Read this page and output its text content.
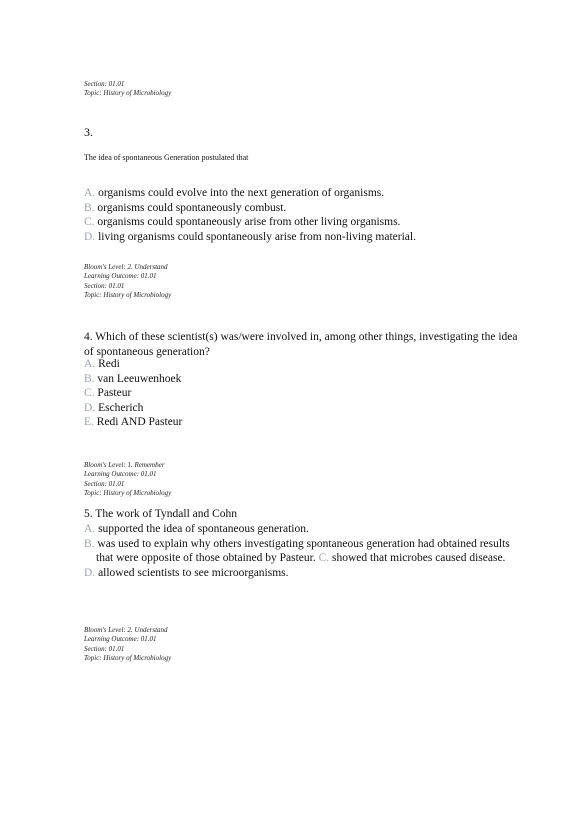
Section: 01.01
Topic: History of Microbiology
3.
The idea of spontaneous Generation postulated that
A. organisms could evolve into the next generation of organisms.
B. organisms could spontaneously combust.
C. organisms could spontaneously arise from other living organisms.
D. living organisms could spontaneously arise from non-living material.
Bloom's Level: 2. Understand
Learning Outcome: 01.01
Section: 01.01
Topic: History of Microbiology
4. Which of these scientist(s) was/were involved in, among other things, investigating the idea of spontaneous generation?
A. Redi
B. van Leeuwenhoek
C. Pasteur
D. Escherich
E. Redi AND Pasteur
Bloom's Level: 1. Remember
Learning Outcome: 01.01
Section: 01.01
Topic: History of Microbiology
5. The work of Tyndall and Cohn
A. supported the idea of spontaneous generation.
B. was used to explain why others investigating spontaneous generation had obtained results that were opposite of those obtained by Pasteur. C. showed that microbes caused disease.
D. allowed scientists to see microorganisms.
Bloom's Level: 2. Understand
Learning Outcome: 01.01
Section: 01.01
Topic: History of Microbiology
